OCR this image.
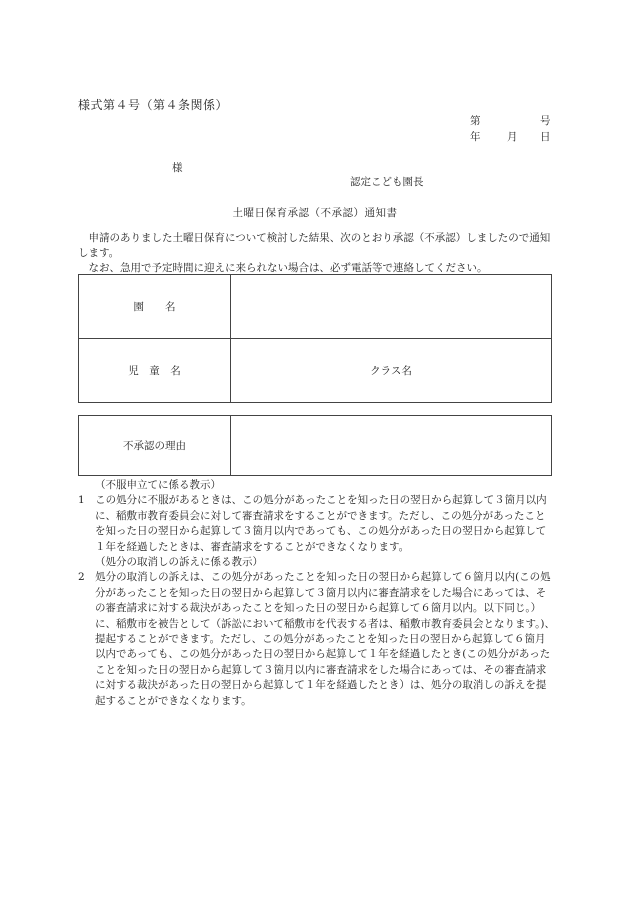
様式第４号（第４条関係）
第	号
年	月 日
様
認定こども園長
土曜日保育承認（不承認）通知書

申請のありました土曜日保育について検討した結果、次のとおり承認（不承認）しましたので通知します。

なお、急用で予定時間に迎えに来られない場合は、必ず電話等で連絡してください。

園　　名	
児　童　名	クラス名
不承認の理由	

（不服申立てに係る教示）

1　この処分に不服があるときは、この処分があったことを知った日の翌日から起算して３箇月以内に、稲敷市教育委員会に対して審査請求をすることができます。ただし、この処分があったことを知った日の翌日から起算して３箇月以内であっても、この処分があった日の翌日から起算して１年を経過したときは、審査請求をすることができなくなります。

（処分の取消しの訴えに係る教示）

2　処分の取消しの訴えは、この処分があったことを知った日の翌日から起算して６箇月以内(この処分があったことを知った日の翌日から起算して３箇月以内に審査請求をした場合にあっては、その審査請求に対する裁決があったことを知った日の翌日から起算して６箇月以内。以下同じ。）に、稲敷市を被告として（訴訟において稲敷市を代表する者は、稲敷市教育委員会となります。)、提起することができます。ただし、この処分があったことを知った日の翌日から起算して６箇月以内であっても、この処分があった日の翌日から起算して１年を経過したとき(この処分があったことを知った日の翌日から起算して３箇月以内に審査請求をした場合にあっては、その審査請求に対する裁決があった日の翌日から起算して１年を経過したとき）は、処分の取消しの訴えを提起することができなくなります。
